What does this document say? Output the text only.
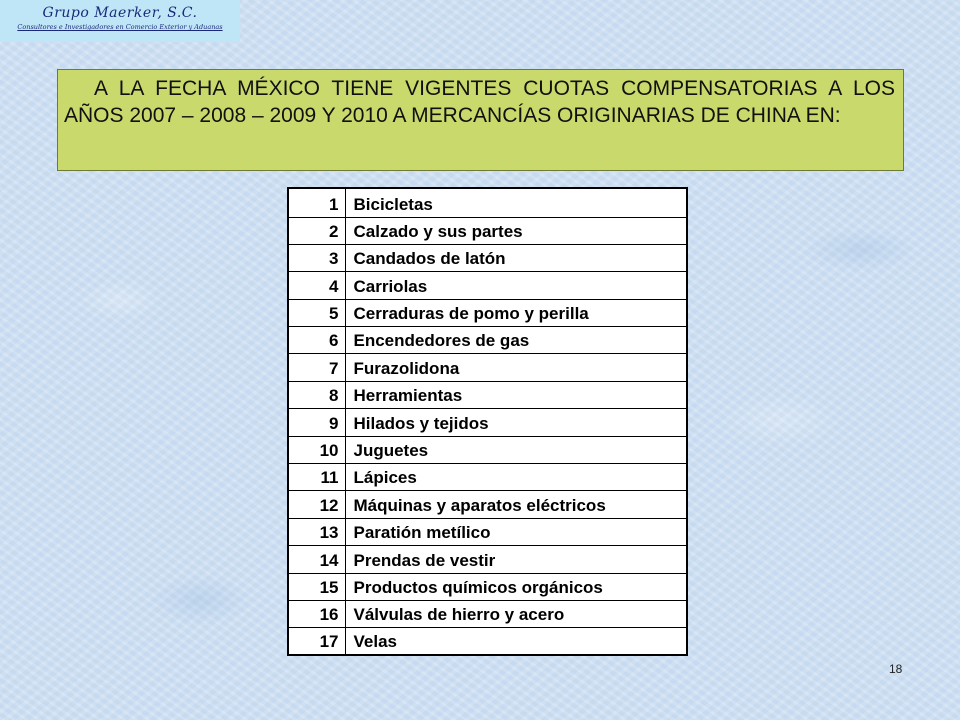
Grupo Maerker, S.C.
Consultores e Investigadores en Comercio Exterior y Aduanas
A LA FECHA MÉXICO TIENE VIGENTES CUOTAS COMPENSATORIAS A LOS AÑOS 2007 – 2008 – 2009 Y 2010 A MERCANCÍAS ORIGINARIAS DE CHINA EN:
1	Bicicletas
2	Calzado y sus partes
3	Candados de latón
4	Carriolas
5	Cerraduras de pomo y perilla
6	Encendedores de gas
7	Furazolidona
8	Herramientas
9	Hilados y tejidos
10	Juguetes
11	Lápices
12	Máquinas y aparatos eléctricos
13	Paratión metílico
14	Prendas de vestir
15	Productos químicos orgánicos
16	Válvulas de hierro y acero
17	Velas
18
